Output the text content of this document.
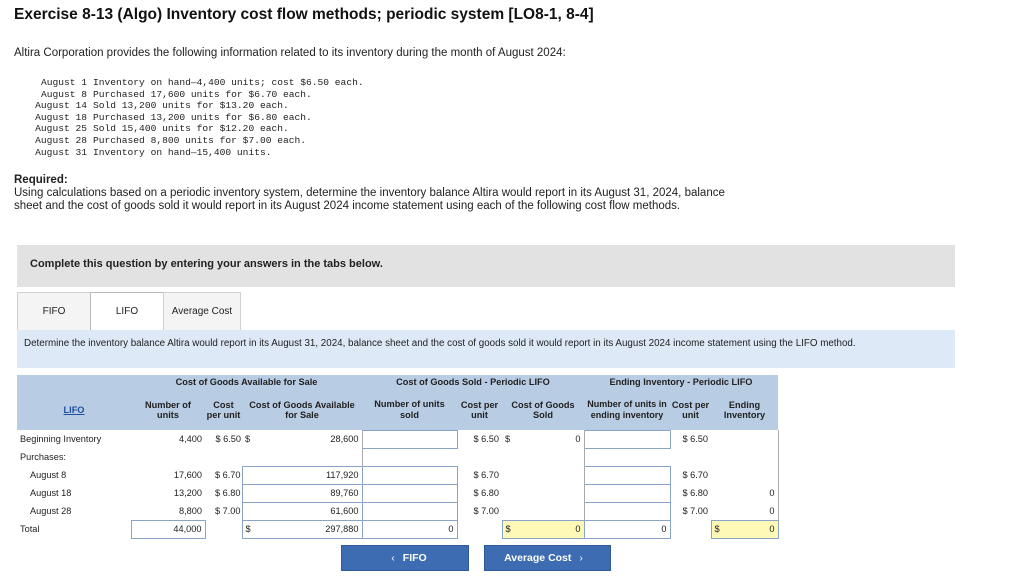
Exercise 8-13 (Algo) Inventory cost flow methods; periodic system [LO8-1, 8-4]
Altira Corporation provides the following information related to its inventory during the month of August 2024:
August 1 Inventory on hand—4,400 units; cost $6.50 each.
August 8 Purchased 17,600 units for $6.70 each.
August 14 Sold 13,200 units for $13.20 each.
August 18 Purchased 13,200 units for $6.80 each.
August 25 Sold 15,400 units for $12.20 each.
August 28 Purchased 8,800 units for $7.00 each.
August 31 Inventory on hand—15,400 units.
Required:
Using calculations based on a periodic inventory system, determine the inventory balance Altira would report in its August 31, 2024, balance sheet and the cost of goods sold it would report in its August 2024 income statement using each of the following cost flow methods.
Complete this question by entering your answers in the tabs below.
FIFO	LIFO	Average Cost
Determine the inventory balance Altira would report in its August 31, 2024, balance sheet and the cost of goods sold it would report in its August 2024 income statement using the LIFO method.
	Cost of Goods Available for Sale			Cost of Goods Sold - Periodic LIFO			Ending Inventory - Periodic LIFO		
LIFO	Number of units	Cost per unit	Cost of Goods Available for Sale	Number of units sold	Cost per unit	Cost of Goods Sold	Number of units in ending inventory	Cost per unit	Ending Inventory
Beginning Inventory	4,400	$ 6.50	$ 28,600		$ 6.50	$ 0		$ 6.50	
Purchases:									
August 8	17,600	$ 6.70	117,920		$ 6.70			$ 6.70	
August 18	13,200	$ 6.80	89,760		$ 6.80			$ 6.80	0
August 28	8,800	$ 7.00	61,600		$ 7.00			$ 7.00	0
Total	44,000		$ 297,880	0		$ 0	0		$ 0
‹ FIFO	Average Cost ›
